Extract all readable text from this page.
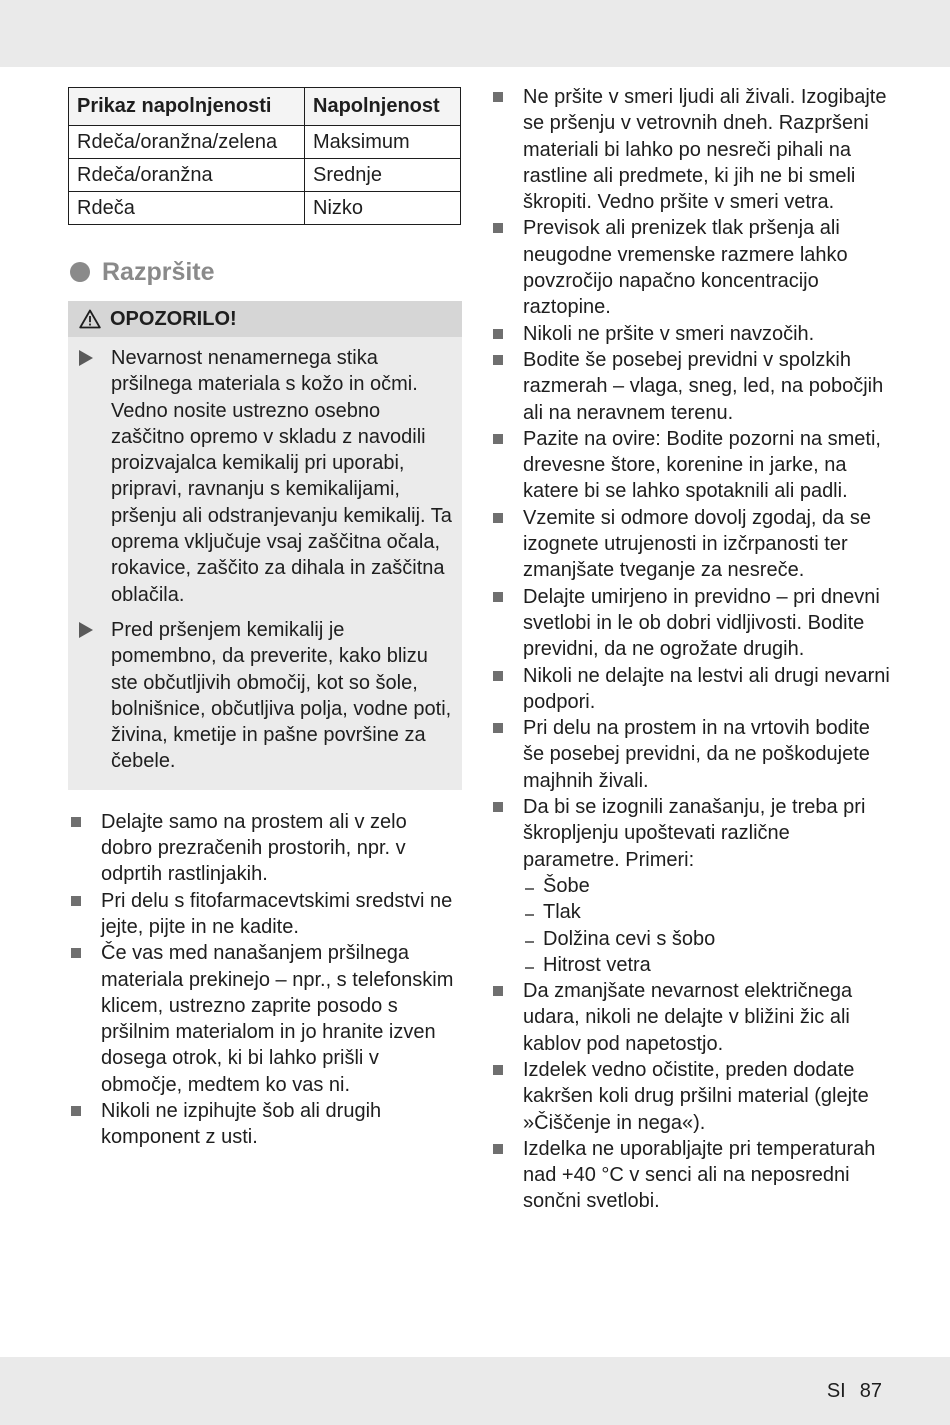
Prikaz napolnjenosti	Napolnjenost
Rdeča/oranžna/zelena	Maksimum
Rdeča/oranžna	Srednje
Rdeča	Nizko
Razpršite
OPOZORILO!
Nevarnost nenamernega stika pršilnega materiala s kožo in očmi. Vedno nosite ustrezno osebno zaščitno opremo v skladu z navodili proizvajalca kemikalij pri uporabi, pripravi, ravnanju s kemikalijami, pršenju ali odstranjevanju kemikalij. Ta oprema vključuje vsaj zaščitna očala, rokavice, zaščito za dihala in zaščitna oblačila.
Pred pršenjem kemikalij je pomembno, da preverite, kako blizu ste občutljivih območij, kot so šole, bolnišnice, občutljiva polja, vodne poti, živina, kmetije in pašne površine za čebele.
Delajte samo na prostem ali v zelo dobro prezračenih prostorih, npr. v odprtih rastlinjakih.
Pri delu s fitofarmacevtskimi sredstvi ne jejte, pijte in ne kadite.
Če vas med nanašanjem pršilnega materiala prekinejo – npr., s telefonskim klicem, ustrezno zaprite posodo s pršilnim materialom in jo hranite izven dosega otrok, ki bi lahko prišli v območje, medtem ko vas ni.
Nikoli ne izpihujte šob ali drugih komponent z usti.
Ne pršite v smeri ljudi ali živali. Izogibajte se pršenju v vetrovnih dneh. Razpršeni materiali bi lahko po nesreči pihali na rastline ali predmete, ki jih ne bi smeli škropiti. Vedno pršite v smeri vetra.
Previsok ali prenizek tlak pršenja ali neugodne vremenske razmere lahko povzročijo napačno koncentracijo raztopine.
Nikoli ne pršite v smeri navzočih.
Bodite še posebej previdni v spolzkih razmerah – vlaga, sneg, led, na pobočjih ali na neravnem terenu.
Pazite na ovire: Bodite pozorni na smeti, drevesne štore, korenine in jarke, na katere bi se lahko spotaknili ali padli.
Vzemite si odmore dovolj zgodaj, da se izognete utrujenosti in izčrpanosti ter zmanjšate tveganje za nesreče.
Delajte umirjeno in previdno – pri dnevni svetlobi in le ob dobri vidljivosti. Bodite previdni, da ne ogrožate drugih.
Nikoli ne delajte na lestvi ali drugi nevarni podpori.
Pri delu na prostem in na vrtovih bodite še posebej previdni, da ne poškodujete majhnih živali.
Da bi se izognili zanašanju, je treba pri škropljenju upoštevati različne parametre. Primeri:
Šobe
Tlak
Dolžina cevi s šobo
Hitrost vetra
Da zmanjšate nevarnost električnega udara, nikoli ne delajte v bližini žic ali kablov pod napetostjo.
Izdelek vedno očistite, preden dodate kakršen koli drug pršilni material (glejte »Čiščenje in nega«).
Izdelka ne uporabljajte pri temperaturah nad +40 °C v senci ali na neposredni sončni svetlobi.
SI 87
